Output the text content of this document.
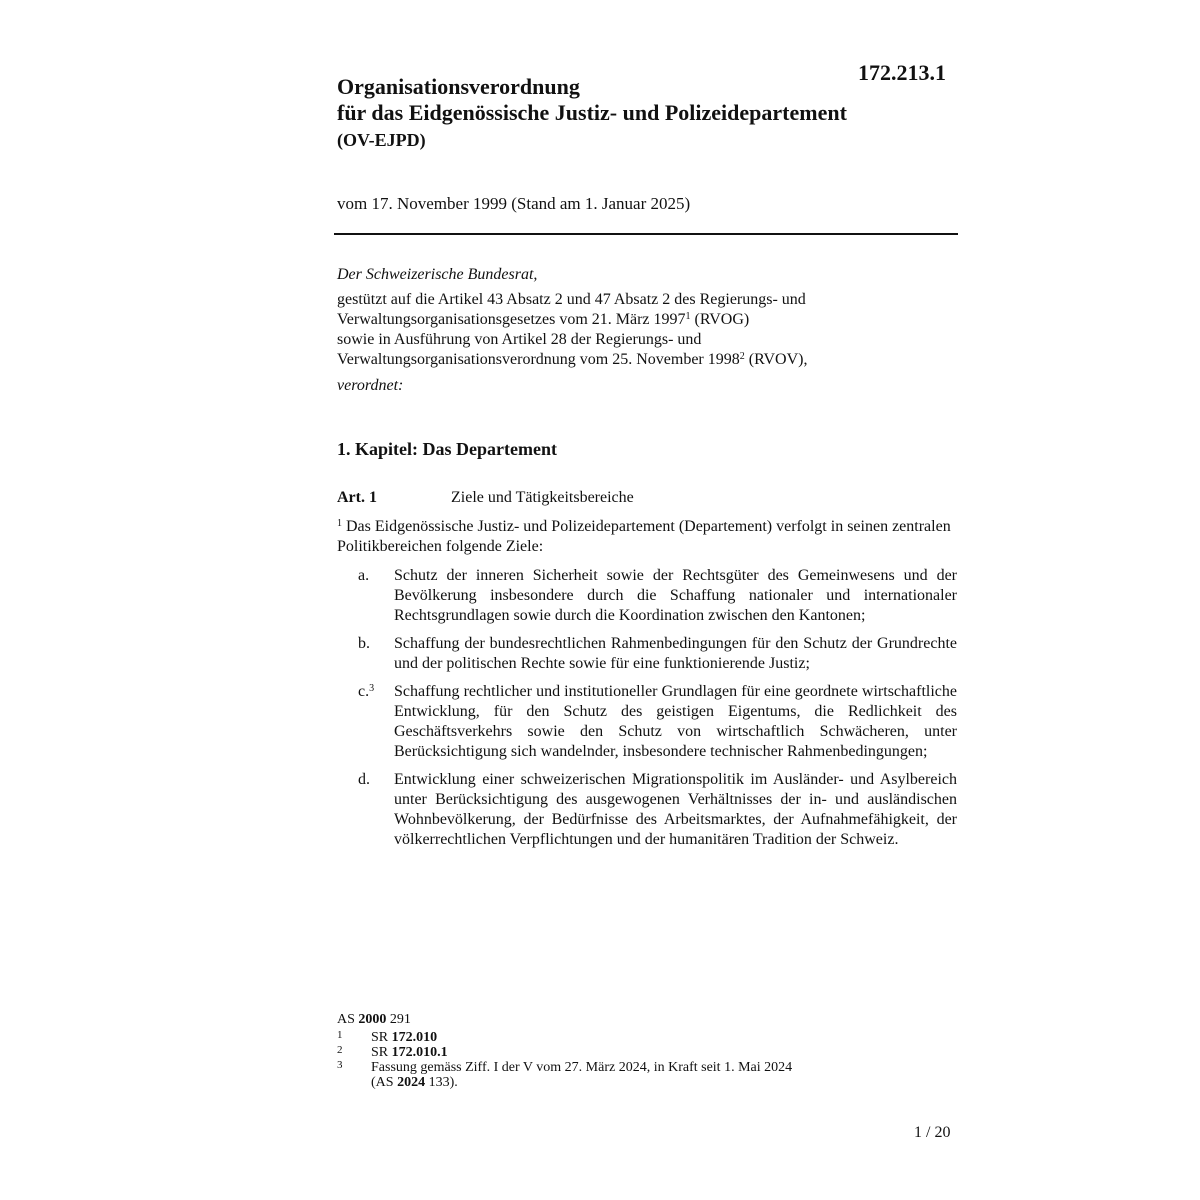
172.213.1
Organisationsverordnung
für das Eidgenössische Justiz- und Polizeidepartement
(OV-EJPD)
vom 17. November 1999 (Stand am 1. Januar 2025)
Der Schweizerische Bundesrat,
gestützt auf die Artikel 43 Absatz 2 und 47 Absatz 2 des Regierungs- und
Verwaltungsorganisationsgesetzes vom 21. März 1997$^1$ (RVOG)
sowie in Ausführung von Artikel 28 der Regierungs- und
Verwaltungsorganisationsverordnung vom 25. November 1998$^2$ (RVOV),
verordnet:
1. Kapitel: Das Departement
Art. 1	Ziele und Tätigkeitsbereiche
$^1$ Das Eidgenössische Justiz- und Polizeidepartement (Departement) verfolgt in seinen zentralen Politikbereichen folgende Ziele:
a. Schutz der inneren Sicherheit sowie der Rechtsgüter des Gemeinwesens und der Bevölkerung insbesondere durch die Schaffung nationaler und internationaler Rechtsgrundlagen sowie durch die Koordination zwischen den Kantonen;
b. Schaffung der bundesrechtlichen Rahmenbedingungen für den Schutz der Grundrechte und der politischen Rechte sowie für eine funktionierende Justiz;
c.$^3$ Schaffung rechtlicher und institutioneller Grundlagen für eine geordnete wirtschaftliche Entwicklung, für den Schutz des geistigen Eigentums, die Redlichkeit des Geschäftsverkehrs sowie den Schutz von wirtschaftlich Schwächeren, unter Berücksichtigung sich wandelnder, insbesondere technischer Rahmenbedingungen;
d. Entwicklung einer schweizerischen Migrationspolitik im Ausländer- und Asylbereich unter Berücksichtigung des ausgewogenen Verhältnisses der in- und ausländischen Wohnbevölkerung, der Bedürfnisse des Arbeitsmarktes, der Aufnahmefähigkeit, der völkerrechtlichen Verpflichtungen und der humanitären Tradition der Schweiz.
AS 2000 291
1 SR 172.010
2 SR 172.010.1
3 Fassung gemäss Ziff. I der V vom 27. März 2024, in Kraft seit 1. Mai 2024
(AS 2024 133).
1 / 20
